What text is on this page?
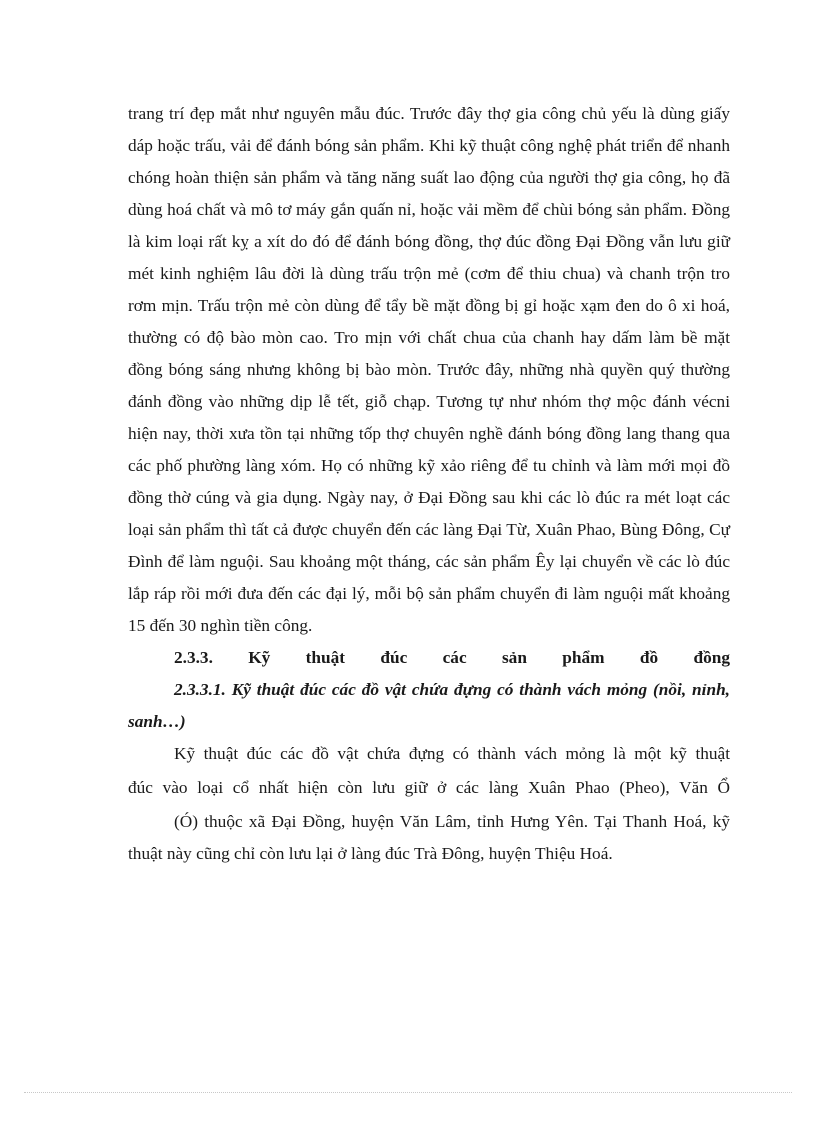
trang trí đẹp mắt như nguyên mẫu đúc. Trước đây thợ gia công chủ yếu là dùng giấy dáp hoặc trấu, vải để đánh bóng sản phẩm. Khi kỹ thuật công nghệ phát triển để nhanh chóng hoàn thiện sản phẩm và tăng năng suất lao động của người thợ gia công, họ đã dùng hoá chất và mô tơ máy gắn quấn nỉ, hoặc vải mềm để chùi bóng sản phẩm. Đồng là kim loại rất kỵ a xít do đó để đánh bóng đồng, thợ đúc đồng Đại Đồng vẫn lưu giữ mét kinh nghiệm lâu đời là dùng trấu trộn mẻ (cơm để thiu chua) và chanh trộn tro rơm mịn. Trấu trộn mẻ còn dùng để tẩy bề mặt đồng bị gỉ hoặc xạm đen do ô xi hoá, thường có độ bào mòn cao. Tro mịn với chất chua của chanh hay dấm làm bề mặt đồng bóng sáng nhưng không bị bào mòn. Trước đây, những nhà quyền quý thường đánh đồng vào những dịp lễ tết, giỗ chạp. Tương tự như nhóm thợ mộc đánh vécni hiện nay, thời xưa tồn tại những tốp thợ chuyên nghề đánh bóng đồng lang thang qua các phố phường làng xóm. Họ có những kỹ xảo riêng để tu chỉnh và làm mới mọi đồ đồng thờ cúng và gia dụng. Ngày nay, ở Đại Đồng sau khi các lò đúc ra mét loạt các loại sản phẩm thì tất cả được chuyển đến các làng Đại Từ, Xuân Phao, Bùng Đông, Cự Đình để làm nguội. Sau khoảng một tháng, các sản phẩm Êy lại chuyển về các lò đúc lắp ráp rồi mới đưa đến các đại lý, mỗi bộ sản phẩm chuyển đi làm nguội mất khoảng 15 đến 30 nghìn tiền công.

2.3.3. Kỹ thuật đúc các sản phẩm đồ đồng

2.3.3.1. Kỹ thuật đúc các đồ vật chứa đựng có thành vách mỏng (nồi, nỉnh, sanh…)

Kỹ thuật đúc các đồ vật chứa đựng có thành vách mỏng là một kỹ thuật
đúc vào loại cổ nhất hiện còn lưu giữ ở các làng Xuân Phao (Pheo), Văn Ổ
(Ó) thuộc xã Đại Đồng, huyện Văn Lâm, tỉnh Hưng Yên. Tại Thanh Hoá, kỹ thuật này cũng chỉ còn lưu lại ở làng đúc Trà Đông, huyện Thiệu Hoá.
